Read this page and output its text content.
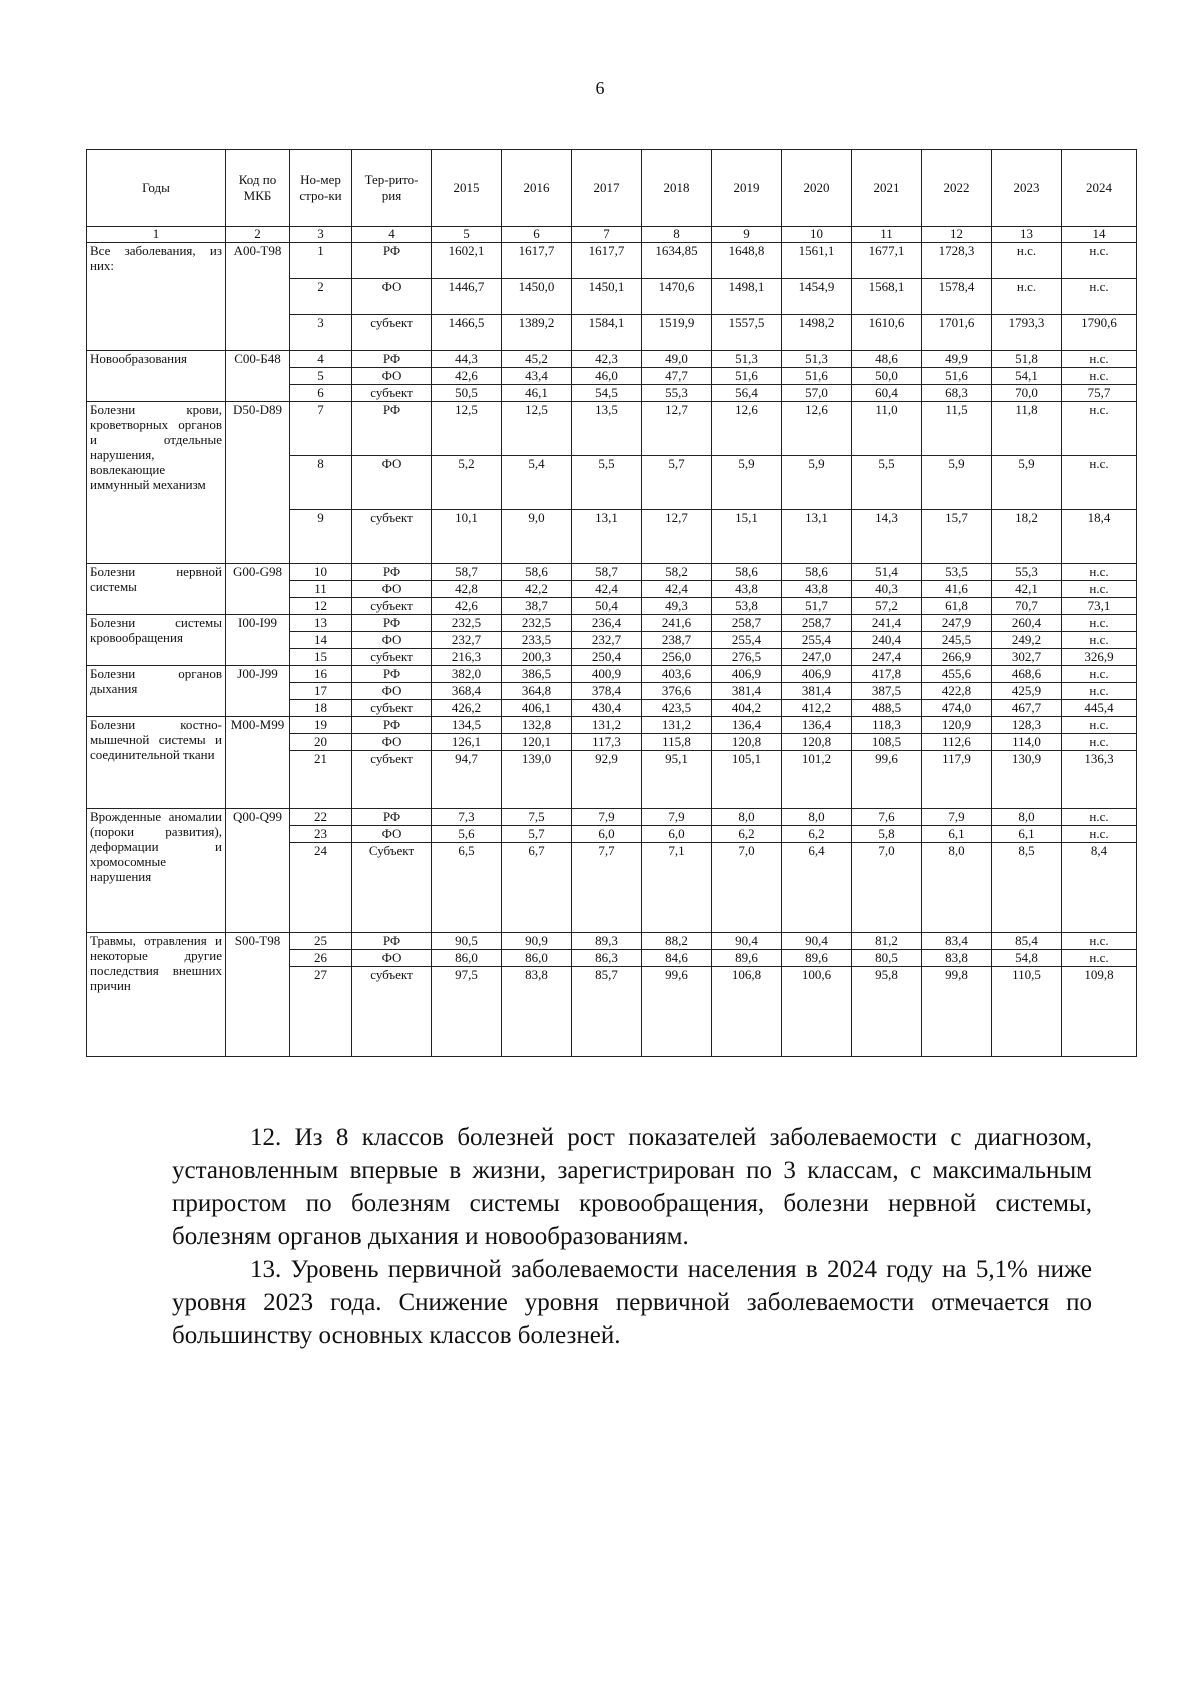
6
Годы	Код по МКБ	Но-мер стро-ки	Тер-рито-рия	2015	2016	2017	2018	2019	2020	2021	2022	2023	2024
1	2	3	4	5	6	7	8	9	10	11	12	13	14
Все заболевания, из них:	А00-Т98	1	РФ	1602,1	1617,7	1617,7	1634,85	1648,8	1561,1	1677,1	1728,3	н.с.	н.с.
		2	ФО	1446,7	1450,0	1450,1	1470,6	1498,1	1454,9	1568,1	1578,4	н.с.	н.с.
		3	субъект	1466,5	1389,2	1584,1	1519,9	1557,5	1498,2	1610,6	1701,6	1793,3	1790,6
Новообразования	С00-Б48	4	РФ	44,3	45,2	42,3	49,0	51,3	51,3	48,6	49,9	51,8	н.с.
		5	ФО	42,6	43,4	46,0	47,7	51,6	51,6	50,0	51,6	54,1	н.с.
		6	субъект	50,5	46,1	54,5	55,3	56,4	57,0	60,4	68,3	70,0	75,7
Болезни крови, кроветворных органов и отдельные нарушения, вовлекающие иммунный механизм	D50-D89	7	РФ	12,5	12,5	13,5	12,7	12,6	12,6	11,0	11,5	11,8	н.с.
		8	ФО	5,2	5,4	5,5	5,7	5,9	5,9	5,5	5,9	5,9	н.с.
		9	субъект	10,1	9,0	13,1	12,7	15,1	13,1	14,3	15,7	18,2	18,4
Болезни нервной системы	G00-G98	10	РФ	58,7	58,6	58,7	58,2	58,6	58,6	51,4	53,5	55,3	н.с.
		11	ФО	42,8	42,2	42,4	42,4	43,8	43,8	40,3	41,6	42,1	н.с.
		12	субъект	42,6	38,7	50,4	49,3	53,8	51,7	57,2	61,8	70,7	73,1
Болезни системы кровообращения	I00-I99	13	РФ	232,5	232,5	236,4	241,6	258,7	258,7	241,4	247,9	260,4	н.с.
		14	ФО	232,7	233,5	232,7	238,7	255,4	255,4	240,4	245,5	249,2	н.с.
		15	субъект	216,3	200,3	250,4	256,0	276,5	247,0	247,4	266,9	302,7	326,9
Болезни органов дыхания	J00-J99	16	РФ	382,0	386,5	400,9	403,6	406,9	406,9	417,8	455,6	468,6	н.с.
		17	ФО	368,4	364,8	378,4	376,6	381,4	381,4	387,5	422,8	425,9	н.с.
		18	субъект	426,2	406,1	430,4	423,5	404,2	412,2	488,5	474,0	467,7	445,4
Болезни костно-мышечной системы и соединительной ткани	M00-M99	19	РФ	134,5	132,8	131,2	131,2	136,4	136,4	118,3	120,9	128,3	н.с.
		20	ФО	126,1	120,1	117,3	115,8	120,8	120,8	108,5	112,6	114,0	н.с.
		21	субъект	94,7	139,0	92,9	95,1	105,1	101,2	99,6	117,9	130,9	136,3
Врожденные аномалии (пороки развития), деформации и хромосомные нарушения	Q00-Q99	22	РФ	7,3	7,5	7,9	7,9	8,0	8,0	7,6	7,9	8,0	н.с.
		23	ФО	5,6	5,7	6,0	6,0	6,2	6,2	5,8	6,1	6,1	н.с.
		24	Субъект	6,5	6,7	7,7	7,1	7,0	6,4	7,0	8,0	8,5	8,4
Травмы, отравления и некоторые другие последствия внешних причин	S00-T98	25	РФ	90,5	90,9	89,3	88,2	90,4	90,4	81,2	83,4	85,4	н.с.
		26	ФО	86,0	86,0	86,3	84,6	89,6	89,6	80,5	83,8	54,8	н.с.
		27	субъект	97,5	83,8	85,7	99,6	106,8	100,6	95,8	99,8	110,5	109,8

12. Из 8 классов болезней рост показателей заболеваемости с диагнозом, установленным впервые в жизни, зарегистрирован по 3 классам, с максимальным приростом по болезням системы кровообращения, болезни нервной системы, болезням органов дыхания и новообразованиям.

13. Уровень первичной заболеваемости населения в 2024 году на 5,1% ниже уровня 2023 года. Снижение уровня первичной заболеваемости отмечается по большинству основных классов болезней.
